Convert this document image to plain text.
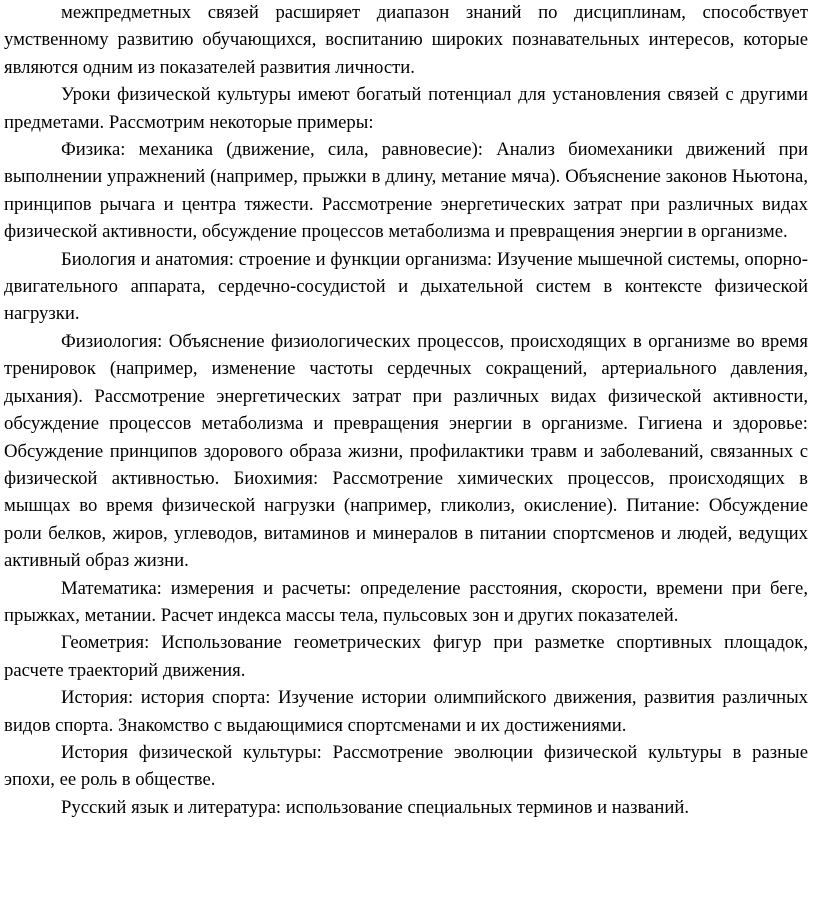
межпредметных связей расширяет диапазон знаний по дисциплинам, способствует умственному развитию обучающихся, воспитанию широких познавательных интересов, которые являются одним из показателей развития личности.

Уроки физической культуры имеют богатый потенциал для установления связей с другими предметами. Рассмотрим некоторые примеры:

Физика: механика (движение, сила, равновесие): Анализ биомеханики движений при выполнении упражнений (например, прыжки в длину, метание мяча). Объяснение законов Ньютона, принципов рычага и центра тяжести. Рассмотрение энергетических затрат при различных видах физической активности, обсуждение процессов метаболизма и превращения энергии в организме.

Биология и анатомия: строение и функции организма: Изучение мышечной системы, опорно-двигательного аппарата, сердечно-сосудистой и дыхательной систем в контексте физической нагрузки.

Физиология: Объяснение физиологических процессов, происходящих в организме во время тренировок (например, изменение частоты сердечных сокращений, артериального давления, дыхания). Рассмотрение энергетических затрат при различных видах физической активности, обсуждение процессов метаболизма и превращения энергии в организме. Гигиена и здоровье: Обсуждение принципов здорового образа жизни, профилактики травм и заболеваний, связанных с физической активностью. Биохимия: Рассмотрение химических процессов, происходящих в мышцах во время физической нагрузки (например, гликолиз, окисление). Питание: Обсуждение роли белков, жиров, углеводов, витаминов и минералов в питании спортсменов и людей, ведущих активный образ жизни.

Математика: измерения и расчеты: определение расстояния, скорости, времени при беге, прыжках, метании. Расчет индекса массы тела, пульсовых зон и других показателей.

Геометрия: Использование геометрических фигур при разметке спортивных площадок, расчете траекторий движения.

История: история спорта: Изучение истории олимпийского движения, развития различных видов спорта. Знакомство с выдающимися спортсменами и их достижениями.

История физической культуры: Рассмотрение эволюции физической культуры в разные эпохи, ее роль в обществе.

Русский язык и литература: использование специальных терминов и названий.
